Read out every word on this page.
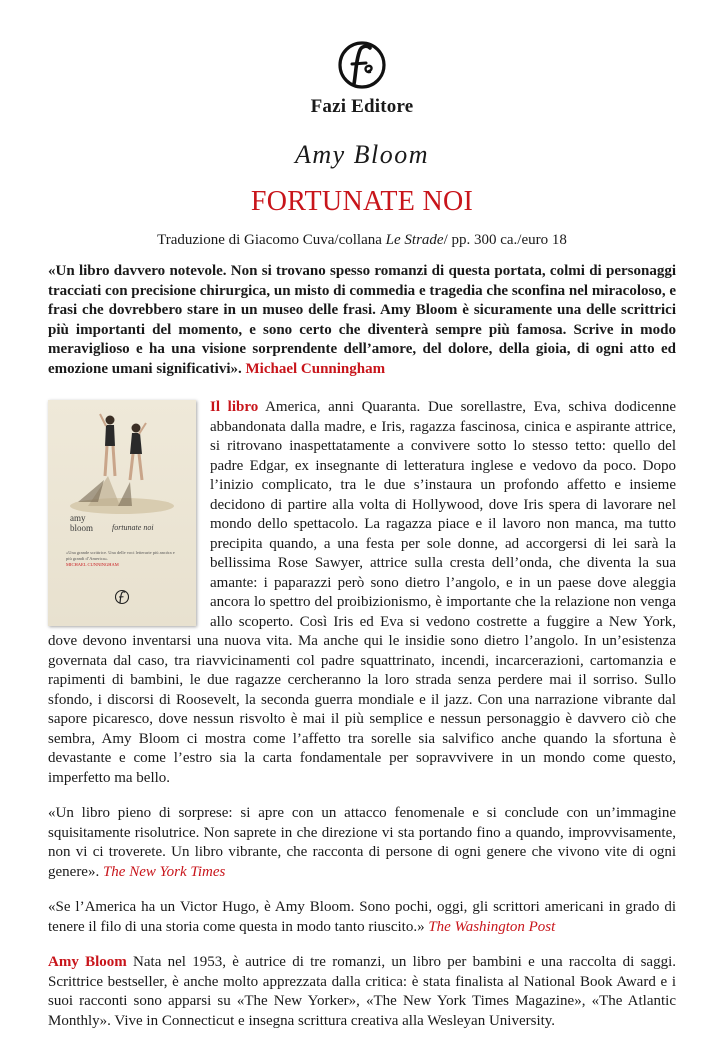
Fazi Editore
Amy Bloom
FORTUNATE NOI
Traduzione di Giacomo Cuva/collana Le Strade/ pp. 300 ca./euro 18
«Un libro davvero notevole. Non si trovano spesso romanzi di questa portata, colmi di personaggi tracciati con precisione chirurgica, un misto di commedia e tragedia che sconfina nel miracoloso, e frasi che dovrebbero stare in un museo delle frasi. Amy Bloom è sicuramente una delle scrittrici più importanti del momento, e sono certo che diventerà sempre più famosa. Scrive in modo meraviglioso e ha una visione sorprendente dell’amore, del dolore, della gioia, di ogni atto ed emozione umani significativi». Michael Cunningham
amy
bloom fortunate noi
«Una grande scrittrice. Una delle voci letterarie più ancóra e più grandi d’America».
MICHAEL CUNNINGHAM
Il libro America, anni Quaranta. Due sorellastre, Eva, schiva dodicenne abbandonata dalla madre, e Iris, ragazza fascinosa, cinica e aspirante attrice, si ritrovano inaspettatamente a convivere sotto lo stesso tetto: quello del padre Edgar, ex insegnante di letteratura inglese e vedovo da poco. Dopo l’inizio complicato, tra le due s’instaura un profondo affetto e insieme decidono di partire alla volta di Hollywood, dove Iris spera di lavorare nel mondo dello spettacolo. La ragazza piace e il lavoro non manca, ma tutto precipita quando, a una festa per sole donne, ad accorgersi di lei sarà la bellissima Rose Sawyer, attrice sulla cresta dell’onda, che diventa la sua amante: i paparazzi però sono dietro l’angolo, e in un paese dove aleggia ancora lo spettro del proibizionismo, è importante che la relazione non venga allo scoperto. Così Iris ed Eva si vedono costrette a fuggire a New York, dove devono inventarsi una nuova vita. Ma anche qui le insidie sono dietro l’angolo. In un’esistenza governata dal caso, tra riavvicinamenti col padre squattrinato, incendi, incarcerazioni, cartomanzia e rapimenti di bambini, le due ragazze cercheranno la loro strada senza perdere mai il sorriso. Sullo sfondo, i discorsi di Roosevelt, la seconda guerra mondiale e il jazz. Con una narrazione vibrante dal sapore picaresco, dove nessun risvolto è mai il più semplice e nessun personaggio è davvero ciò che sembra, Amy Bloom ci mostra come l’affetto tra sorelle sia salvifico anche quando la sfortuna è devastante e come l’estro sia la carta fondamentale per sopravvivere in un mondo come questo, imperfetto ma bello.
«Un libro pieno di sorprese: si apre con un attacco fenomenale e si conclude con un’immagine squisitamente risolutrice. Non saprete in che direzione vi sta portando fino a quando, improvvisamente, non vi ci troverete. Un libro vibrante, che racconta di persone di ogni genere che vivono vite di ogni genere». The New York Times
«Se l’America ha un Victor Hugo, è Amy Bloom. Sono pochi, oggi, gli scrittori americani in grado di tenere il filo di una storia come questa in modo tanto riuscito.» The Washington Post
Amy Bloom Nata nel 1953, è autrice di tre romanzi, un libro per bambini e una raccolta di saggi. Scrittrice bestseller, è anche molto apprezzata dalla critica: è stata finalista al National Book Award e i suoi racconti sono apparsi su «The New Yorker», «The New York Times Magazine», «The Atlantic Monthly». Vive in Connecticut e insegna scrittura creativa alla Wesleyan University.
